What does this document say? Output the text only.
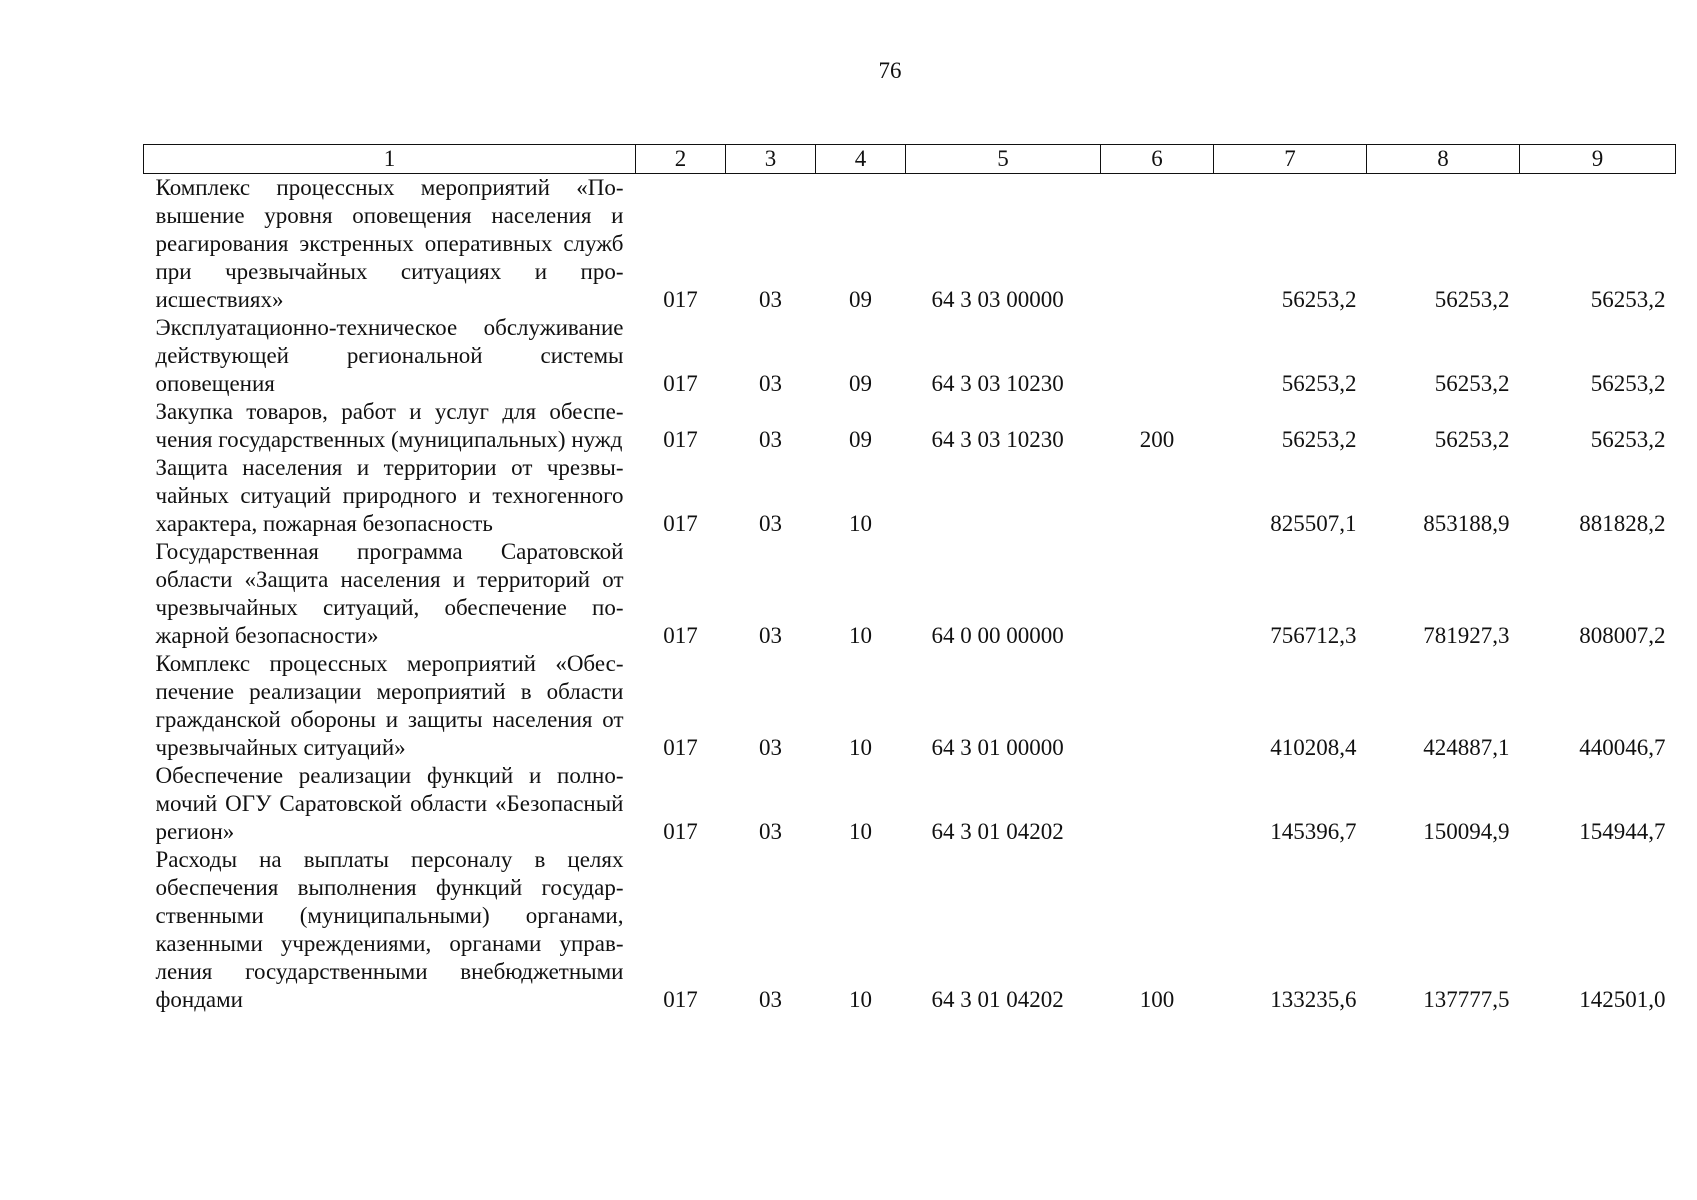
76
1	2	3	4	5	6	7	8	9
Комплекс процессных мероприятий «Повышение уровня оповещения населения и реагирования экстренных оперативных служб при чрезвычайных ситуациях и происшествиях»	017	03	09	64 3 03 00000		56253,2	56253,2	56253,2
Эксплуатационно-техническое обслуживание действующей региональной системы оповещения	017	03	09	64 3 03 10230		56253,2	56253,2	56253,2
Закупка товаров, работ и услуг для обеспечения государственных (муниципальных) нужд	017	03	09	64 3 03 10230	200	56253,2	56253,2	56253,2
Защита населения и территории от чрезвычайных ситуаций природного и техногенного характера, пожарная безопасность	017	03	10			825507,1	853188,9	881828,2
Государственная программа Саратовской области «Защита населения и территорий от чрезвычайных ситуаций, обеспечение пожарной безопасности»	017	03	10	64 0 00 00000		756712,3	781927,3	808007,2
Комплекс процессных мероприятий «Обеспечение реализации мероприятий в области гражданской обороны и защиты населения от чрезвычайных ситуаций»	017	03	10	64 3 01 00000		410208,4	424887,1	440046,7
Обеспечение реализации функций и полномочий ОГУ Саратовской области «Безопасный регион»	017	03	10	64 3 01 04202		145396,7	150094,9	154944,7
Расходы на выплаты персоналу в целях обеспечения выполнения функций государственными (муниципальными) органами, казенными учреждениями, органами управления государственными внебюджетными фондами	017	03	10	64 3 01 04202	100	133235,6	137777,5	142501,0
